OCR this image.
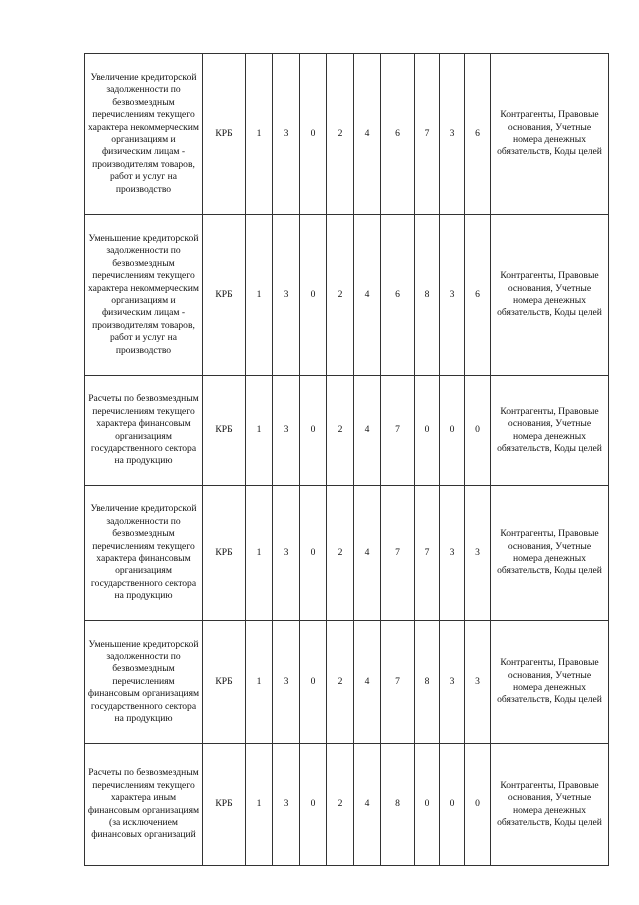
Увеличение кредиторской задолженности по безвозмездным перечислениям текущего характера некоммерческим организациям и физическим лицам - производителям товаров, работ и услуг на производство	КРБ	1	3	0	2	4	6	7	3	6	Контрагенты, Правовые основания, Учетные номера денежных обязательств, Коды целей
Уменьшение кредиторской задолженности по безвозмездным перечислениям текущего характера некоммерческим организациям и физическим лицам - производителям товаров, работ и услуг на производство	КРБ	1	3	0	2	4	6	8	3	6	Контрагенты, Правовые основания, Учетные номера денежных обязательств, Коды целей
Расчеты по безвозмездным перечислениям текущего характера финансовым организациям государственного сектора на продукцию	КРБ	1	3	0	2	4	7	0	0	0	Контрагенты, Правовые основания, Учетные номера денежных обязательств, Коды целей
Увеличение кредиторской задолженности по безвозмездным перечислениям текущего характера финансовым организациям государственного сектора на продукцию	КРБ	1	3	0	2	4	7	7	3	3	Контрагенты, Правовые основания, Учетные номера денежных обязательств, Коды целей
Уменьшение кредиторской задолженности по безвозмездным перечислениям финансовым организациям государственного сектора на продукцию	КРБ	1	3	0	2	4	7	8	3	3	Контрагенты, Правовые основания, Учетные номера денежных обязательств, Коды целей
Расчеты по безвозмездным перечислениям текущего характера иным финансовым организациям (за исключением финансовых организаций	КРБ	1	3	0	2	4	8	0	0	0	Контрагенты, Правовые основания, Учетные номера денежных обязательств, Коды целей
